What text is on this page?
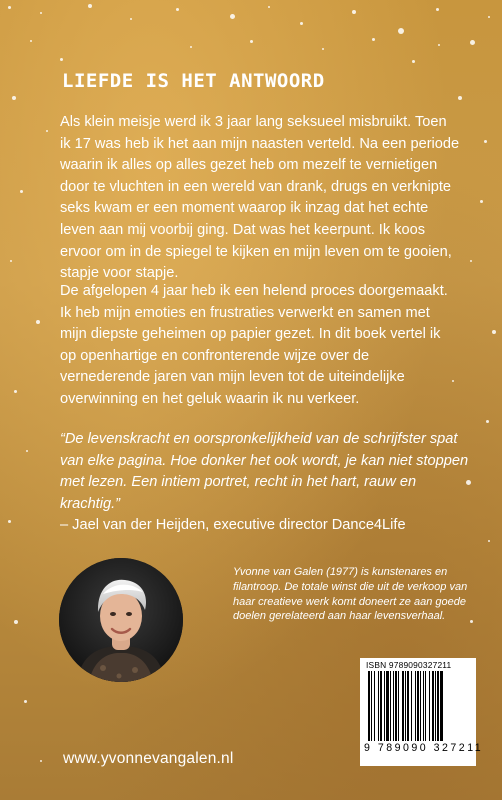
LIEFDE IS HET ANTWOORD

Als klein meisje werd ik 3 jaar lang seksueel misbruikt. Toen ik 17 was heb ik het aan mijn naasten verteld. Na een periode waarin ik alles op alles gezet heb om mezelf te vernietigen door te vluchten in een wereld van drank, drugs en verknipte seks kwam er een moment waarop ik inzag dat het echte leven aan mij voorbij ging. Dat was het keerpunt. Ik koos ervoor om in de spiegel te kijken en mijn leven om te gooien, stapje voor stapje.

De afgelopen 4 jaar heb ik een helend proces doorgemaakt. Ik heb mijn emoties en frustraties verwerkt en samen met mijn diepste geheimen op papier gezet. In dit boek vertel ik op openhartige en confronterende wijze over de vernederende jaren van mijn leven tot de uiteindelijke overwinning en het geluk waarin ik nu verkeer.

“De levenskracht en oorspronkelijkheid van de schrijfster spat van elke pagina. Hoe donker het ook wordt, je kan niet stoppen met lezen. Een intiem portret, recht in het hart, rauw en krachtig.”
– Jael van der Heijden, executive director Dance4Life

Yvonne van Galen (1977) is kunstenares en filantroop. De totale winst die uit de verkoop van haar creatieve werk komt doneert ze aan goede doelen gerelateerd aan haar levensverhaal.

ISBN 9789090327211
9 789090 327211

www.yvonnevangalen.nl
